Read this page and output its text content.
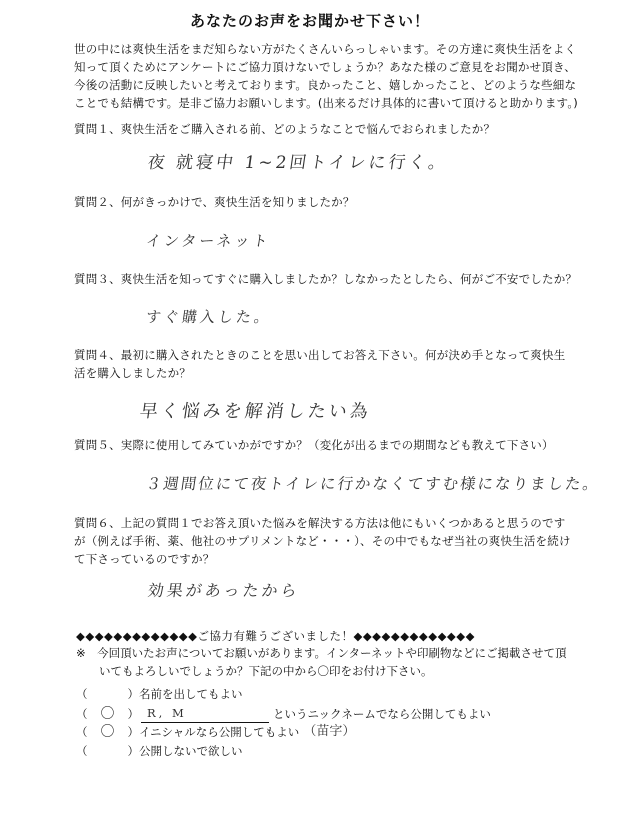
あなたのお声をお聞かせ下さい！
世の中には爽快生活をまだ知らない方がたくさんいらっしゃいます。その方達に爽快生活をよく
知って頂くためにアンケートにご協力頂けないでしょうか？あなた様のご意見をお聞かせ頂き、
今後の活動に反映したいと考えております。良かったこと、嬉しかったこと、どのような些細な
ことでも結構です。是非ご協力お願いします。(出来るだけ具体的に書いて頂けると助かります。)
質問１、爽快生活をご購入される前、どのようなことで悩んでおられましたか？
夜 就寝中 1~2回トイレに行く。
質問２、何がきっかけで、爽快生活を知りましたか？
インターネット
質問３、爽快生活を知ってすぐに購入しましたか？しなかったとしたら、何がご不安でしたか？
すぐ購入した。
質問４、最初に購入されたときのことを思い出してお答え下さい。何が決め手となって爽快生
活を購入しましたか？
早く悩みを解消したい為
質問５、実際に使用してみていかがですか？（変化が出るまでの期間なども教えて下さい）
３週間位にて夜トイレに行かなくてすむ様になりました。
質問６、上記の質問１でお答え頂いた悩みを解決する方法は他にもいくつかあると思うのです
が（例えば手術、薬、他社のサプリメントなど・・・）、その中でもなぜ当社の爽快生活を続け
て下さっているのですか？
効果があったから
◆◆◆◆◆◆◆◆◆◆◆◆◆ご協力有難うございました！◆◆◆◆◆◆◆◆◆◆◆◆◆
※　今回頂いたお声についてお願いがあります。インターネットや印刷物などにご掲載させて頂
　　いてもよろしいでしょうか？下記の中から〇印をお付け下さい。
（	） 名前を出してもよい
（ 〇	） R, M	というニックネームでなら公開してもよい
（ 〇	） イニシャルなら公開してもよい （苗字）
（	） 公開しないで欲しい
